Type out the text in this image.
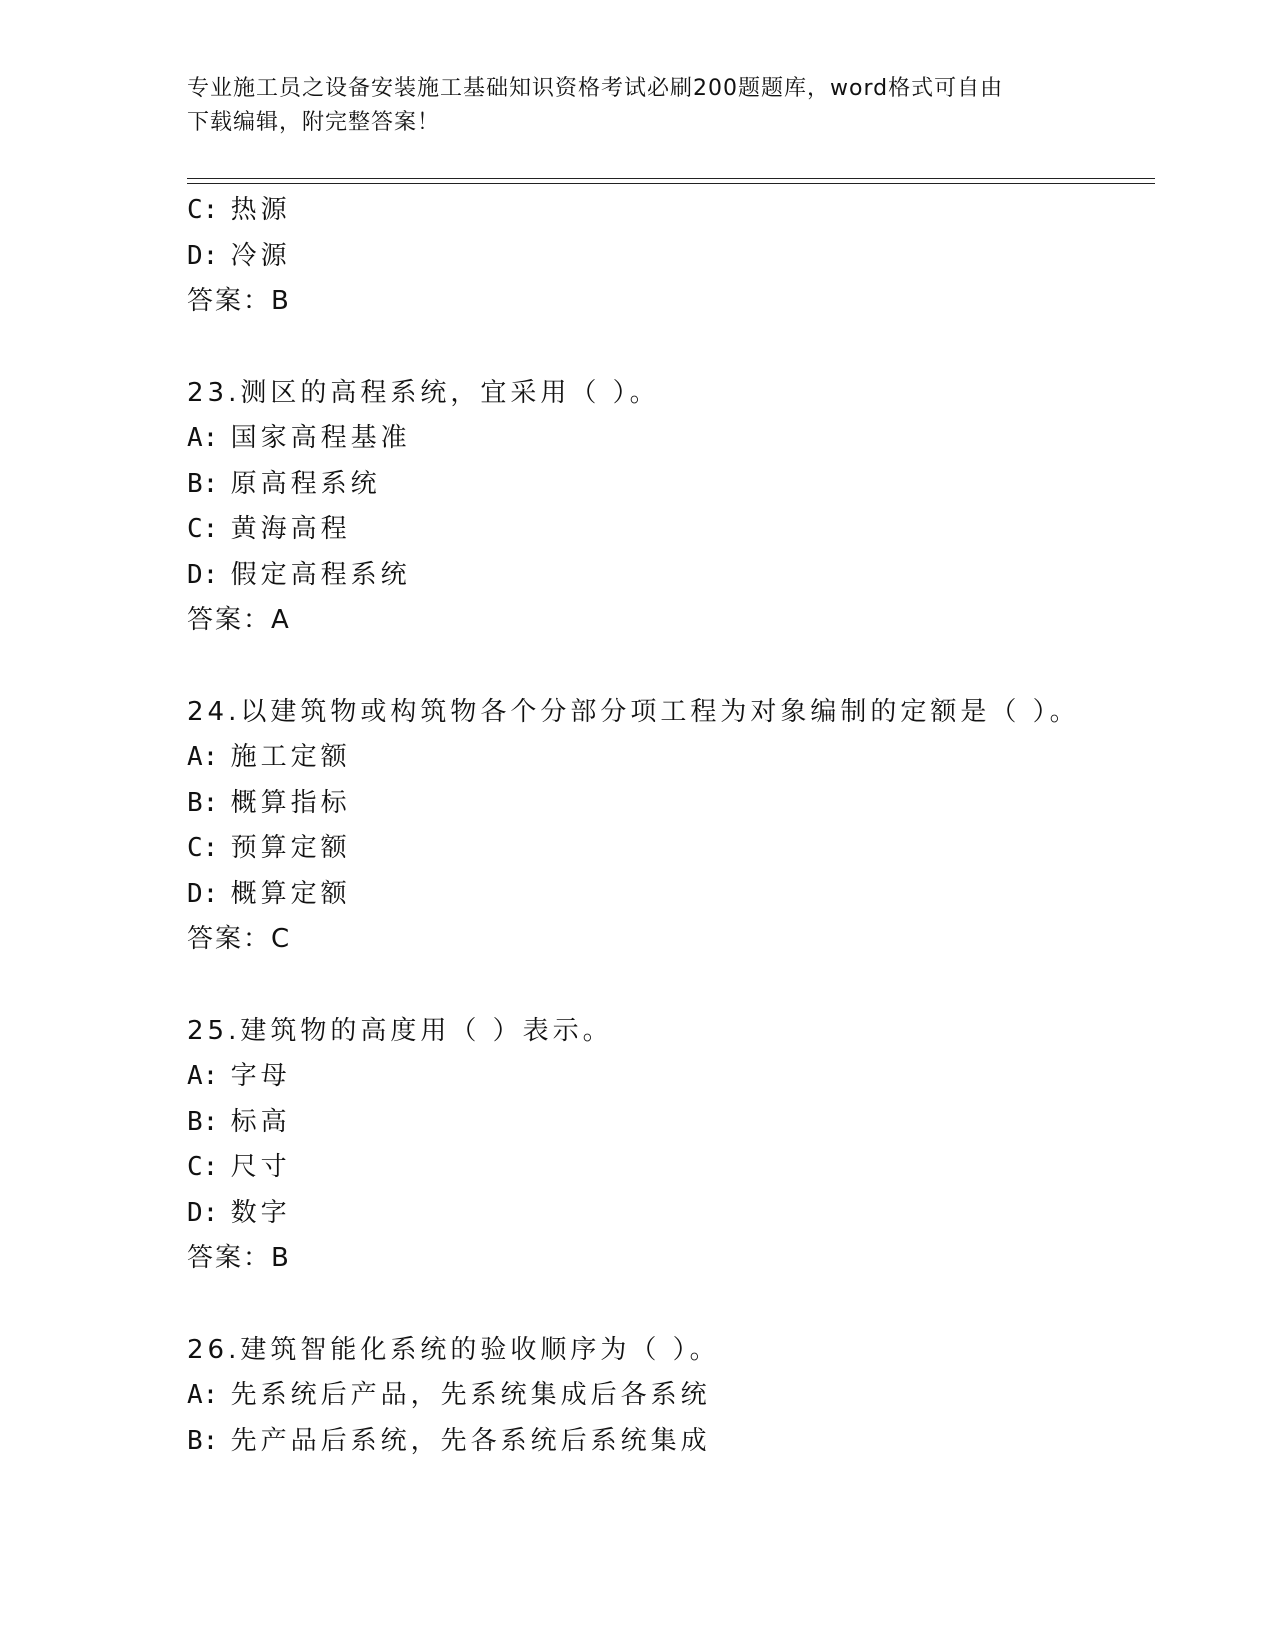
专业施工员之设备安装施工基础知识资格考试必刷200题题库，word格式可自由
下载编辑，附完整答案！
C: 热源
D: 冷源
答案：B
23.测区的高程系统，宜采用（ ）。
A: 国家高程基准
B: 原高程系统
C: 黄海高程
D: 假定高程系统
答案：A
24.以建筑物或构筑物各个分部分项工程为对象编制的定额是（ ）。
A: 施工定额
B: 概算指标
C: 预算定额
D: 概算定额
答案：C
25.建筑物的高度用（ ）表示。
A: 字母
B: 标高
C: 尺寸
D: 数字
答案：B
26.建筑智能化系统的验收顺序为（ ）。
A: 先系统后产品，先系统集成后各系统
B: 先产品后系统，先各系统后系统集成
